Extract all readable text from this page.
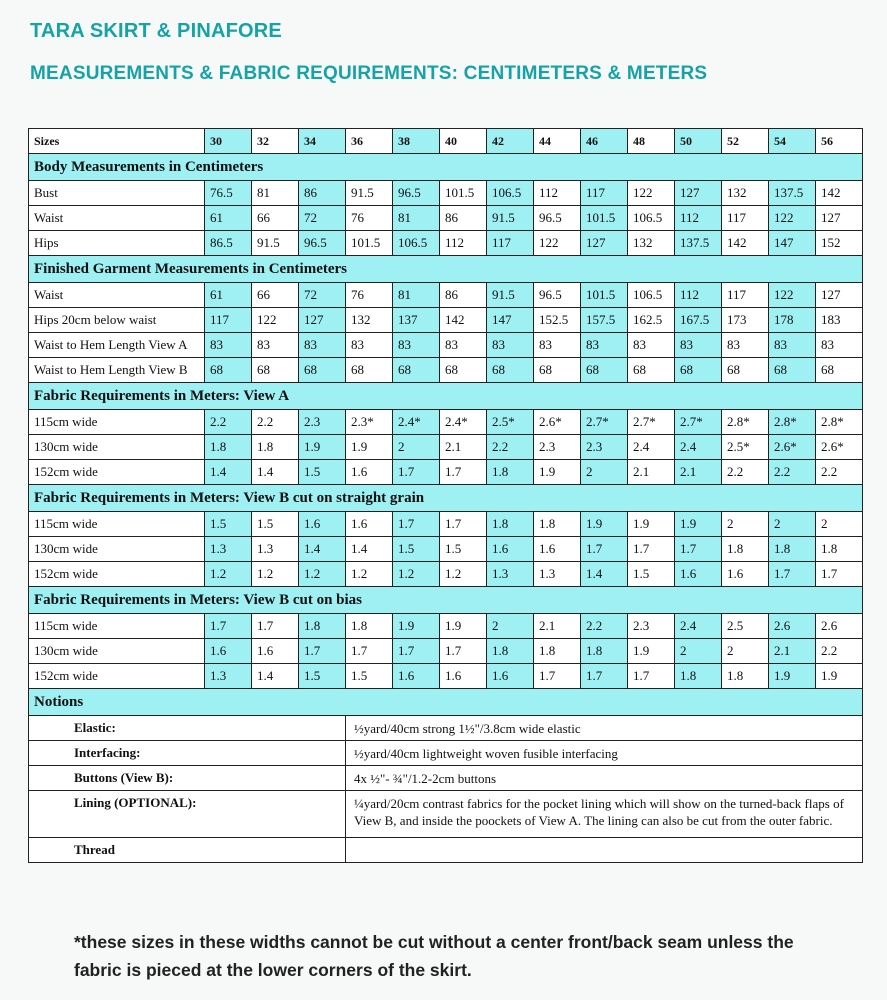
TARA SKIRT & PINAFORE
MEASUREMENTS & FABRIC REQUIREMENTS: CENTIMETERS & METERS
Sizes	30	32	34	36	38	40	42	44	46	48	50	52	54	56
Body Measurements in Centimeters														
Bust	76.5	81	86	91.5	96.5	101.5	106.5	112	117	122	127	132	137.5	142
Waist	61	66	72	76	81	86	91.5	96.5	101.5	106.5	112	117	122	127
Hips	86.5	91.5	96.5	101.5	106.5	112	117	122	127	132	137.5	142	147	152
Finished Garment Measurements in Centimeters														
Waist	61	66	72	76	81	86	91.5	96.5	101.5	106.5	112	117	122	127
Hips 20cm below waist	117	122	127	132	137	142	147	152.5	157.5	162.5	167.5	173	178	183
Waist to Hem Length View A	83	83	83	83	83	83	83	83	83	83	83	83	83	83
Waist to Hem Length View B	68	68	68	68	68	68	68	68	68	68	68	68	68	68
Fabric Requirements in Meters: View A														
115cm wide	2.2	2.2	2.3	2.3*	2.4*	2.4*	2.5*	2.6*	2.7*	2.7*	2.7*	2.8*	2.8*	2.8*
130cm wide	1.8	1.8	1.9	1.9	2	2.1	2.2	2.3	2.3	2.4	2.4	2.5*	2.6*	2.6*
152cm wide	1.4	1.4	1.5	1.6	1.7	1.7	1.8	1.9	2	2.1	2.1	2.2	2.2	2.2
Fabric Requirements in Meters: View B cut on straight grain														
115cm wide	1.5	1.5	1.6	1.6	1.7	1.7	1.8	1.8	1.9	1.9	1.9	2	2	2
130cm wide	1.3	1.3	1.4	1.4	1.5	1.5	1.6	1.6	1.7	1.7	1.7	1.8	1.8	1.8
152cm wide	1.2	1.2	1.2	1.2	1.2	1.2	1.3	1.3	1.4	1.5	1.6	1.6	1.7	1.7
Fabric Requirements in Meters: View B cut on bias														
115cm wide	1.7	1.7	1.8	1.8	1.9	1.9	2	2.1	2.2	2.3	2.4	2.5	2.6	2.6
130cm wide	1.6	1.6	1.7	1.7	1.7	1.7	1.8	1.8	1.8	1.9	2	2	2.1	2.2
152cm wide	1.3	1.4	1.5	1.5	1.6	1.6	1.6	1.7	1.7	1.7	1.8	1.8	1.9	1.9
Notions														
Elastic:				½yard/40cm strong 1½"/3.8cm wide elastic										
Interfacing:				½yard/40cm lightweight woven fusible interfacing										
Buttons (View B):				4x ½"- ¾"/1.2-2cm buttons										
Lining (OPTIONAL):				¼yard/20cm contrast fabrics for the pocket lining which will show on the turned-back flaps of View B, and inside the poockets of View A. The lining can also be cut from the outer fabric.										
Thread														
*these sizes in these widths cannot be cut without a center front/back seam unless the fabric is pieced at the lower corners of the skirt.
